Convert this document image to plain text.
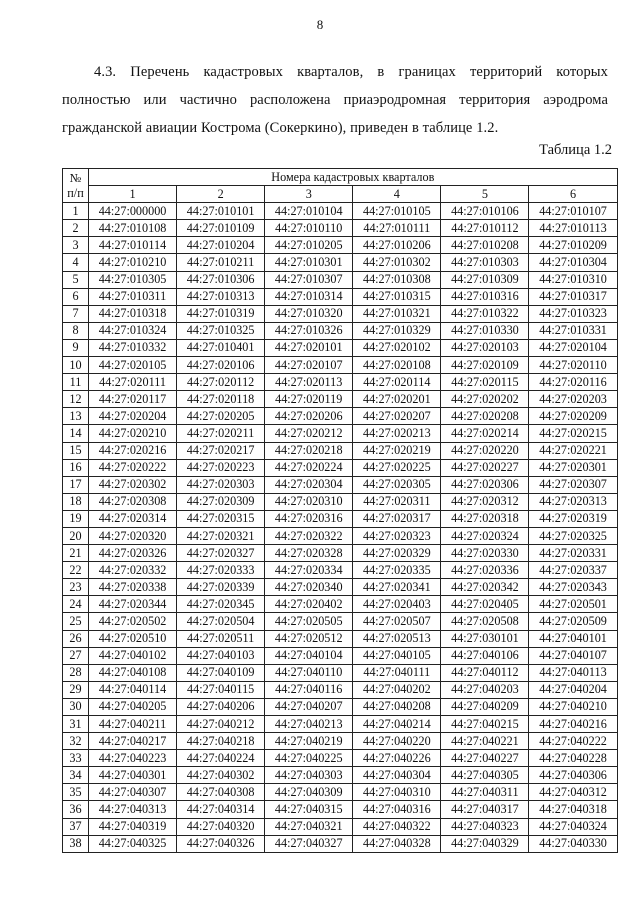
8
4.3. Перечень кадастровых кварталов, в границах территорий которых
полностью или частично расположена приаэродромная территория аэродрома
гражданской авиации Кострома (Сокеркино), приведен в таблице 1.2.
Таблица 1.2
№
п/п	Номера кадастровых кварталов					
	1	2	3	4	5	6
1	44:27:000000	44:27:010101	44:27:010104	44:27:010105	44:27:010106	44:27:010107
2	44:27:010108	44:27:010109	44:27:010110	44:27:010111	44:27:010112	44:27:010113
3	44:27:010114	44:27:010204	44:27:010205	44:27:010206	44:27:010208	44:27:010209
4	44:27:010210	44:27:010211	44:27:010301	44:27:010302	44:27:010303	44:27:010304
5	44:27:010305	44:27:010306	44:27:010307	44:27:010308	44:27:010309	44:27:010310
6	44:27:010311	44:27:010313	44:27:010314	44:27:010315	44:27:010316	44:27:010317
7	44:27:010318	44:27:010319	44:27:010320	44:27:010321	44:27:010322	44:27:010323
8	44:27:010324	44:27:010325	44:27:010326	44:27:010329	44:27:010330	44:27:010331
9	44:27:010332	44:27:010401	44:27:020101	44:27:020102	44:27:020103	44:27:020104
10	44:27:020105	44:27:020106	44:27:020107	44:27:020108	44:27:020109	44:27:020110
11	44:27:020111	44:27:020112	44:27:020113	44:27:020114	44:27:020115	44:27:020116
12	44:27:020117	44:27:020118	44:27:020119	44:27:020201	44:27:020202	44:27:020203
13	44:27:020204	44:27:020205	44:27:020206	44:27:020207	44:27:020208	44:27:020209
14	44:27:020210	44:27:020211	44:27:020212	44:27:020213	44:27:020214	44:27:020215
15	44:27:020216	44:27:020217	44:27:020218	44:27:020219	44:27:020220	44:27:020221
16	44:27:020222	44:27:020223	44:27:020224	44:27:020225	44:27:020227	44:27:020301
17	44:27:020302	44:27:020303	44:27:020304	44:27:020305	44:27:020306	44:27:020307
18	44:27:020308	44:27:020309	44:27:020310	44:27:020311	44:27:020312	44:27:020313
19	44:27:020314	44:27:020315	44:27:020316	44:27:020317	44:27:020318	44:27:020319
20	44:27:020320	44:27:020321	44:27:020322	44:27:020323	44:27:020324	44:27:020325
21	44:27:020326	44:27:020327	44:27:020328	44:27:020329	44:27:020330	44:27:020331
22	44:27:020332	44:27:020333	44:27:020334	44:27:020335	44:27:020336	44:27:020337
23	44:27:020338	44:27:020339	44:27:020340	44:27:020341	44:27:020342	44:27:020343
24	44:27:020344	44:27:020345	44:27:020402	44:27:020403	44:27:020405	44:27:020501
25	44:27:020502	44:27:020504	44:27:020505	44:27:020507	44:27:020508	44:27:020509
26	44:27:020510	44:27:020511	44:27:020512	44:27:020513	44:27:030101	44:27:040101
27	44:27:040102	44:27:040103	44:27:040104	44:27:040105	44:27:040106	44:27:040107
28	44:27:040108	44:27:040109	44:27:040110	44:27:040111	44:27:040112	44:27:040113
29	44:27:040114	44:27:040115	44:27:040116	44:27:040202	44:27:040203	44:27:040204
30	44:27:040205	44:27:040206	44:27:040207	44:27:040208	44:27:040209	44:27:040210
31	44:27:040211	44:27:040212	44:27:040213	44:27:040214	44:27:040215	44:27:040216
32	44:27:040217	44:27:040218	44:27:040219	44:27:040220	44:27:040221	44:27:040222
33	44:27:040223	44:27:040224	44:27:040225	44:27:040226	44:27:040227	44:27:040228
34	44:27:040301	44:27:040302	44:27:040303	44:27:040304	44:27:040305	44:27:040306
35	44:27:040307	44:27:040308	44:27:040309	44:27:040310	44:27:040311	44:27:040312
36	44:27:040313	44:27:040314	44:27:040315	44:27:040316	44:27:040317	44:27:040318
37	44:27:040319	44:27:040320	44:27:040321	44:27:040322	44:27:040323	44:27:040324
38	44:27:040325	44:27:040326	44:27:040327	44:27:040328	44:27:040329	44:27:040330
